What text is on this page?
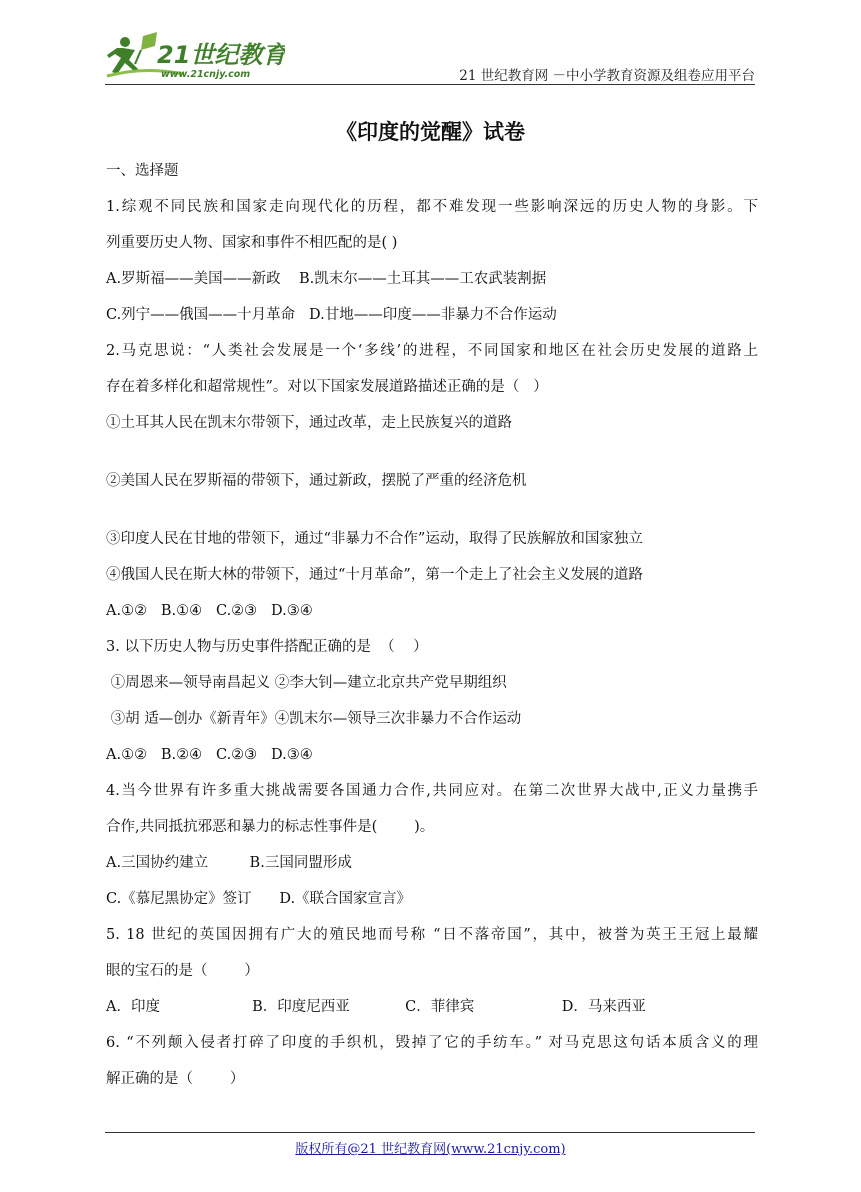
21世纪教育
www.21cnjy.com	21 世纪教育网 －中小学教育资源及组卷应用平台
《印度的觉醒》试卷
一、选择题
1.综观不同民族和国家走向现代化的历程，都不难发现一些影响深远的历史人物的身影。下
列重要历史人物、国家和事件不相匹配的是( )
A.罗斯福——美国——新政    B.凯末尔——土耳其——工农武装割据
C.列宁——俄国——十月革命   D.甘地——印度——非暴力不合作运动
2.马克思说：“人类社会发展是一个‘多线’的进程，不同国家和地区在社会历史发展的道路上
存在着多样化和超常规性”。对以下国家发展道路描述正确的是（   ）
①土耳其人民在凯末尔带领下，通过改革，走上民族复兴的道路
②美国人民在罗斯福的带领下，通过新政，摆脱了严重的经济危机
③印度人民在甘地的带领下，通过“非暴力不合作”运动，取得了民族解放和国家独立
④俄国人民在斯大林的带领下，通过“十月革命”，第一个走上了社会主义发展的道路
A.①②   B.①④   C.②③   D.③④
3. 以下历史人物与历史事件搭配正确的是  （    ）
①周恩来—领导南昌起义 ②李大钊—建立北京共产党早期组织
③胡 适—创办《新青年》④凯末尔—领导三次非暴力不合作运动
A.①②   B.②④   C.②③   D.③④
4.当今世界有许多重大挑战需要各国通力合作,共同应对。在第二次世界大战中,正义力量携手
合作,共同抵抗邪恶和暴力的标志性事件是(        )。
A.三国协约建立         B.三国同盟形成
C.《慕尼黑协定》签订      D.《联合国家宣言》
5. 18 世纪的英国因拥有广大的殖民地而号称 “日不落帝国”，其中，被誉为英王王冠上最耀
眼的宝石的是（        ）
A．印度                    B．印度尼西亚            C．菲律宾                   D．马来西亚
6. “不列颠入侵者打碎了印度的手织机，毁掉了它的手纺车。” 对马克思这句话本质含义的理
解正确的是（        ）
版权所有@21 世纪教育网(www.21cnjy.com)
